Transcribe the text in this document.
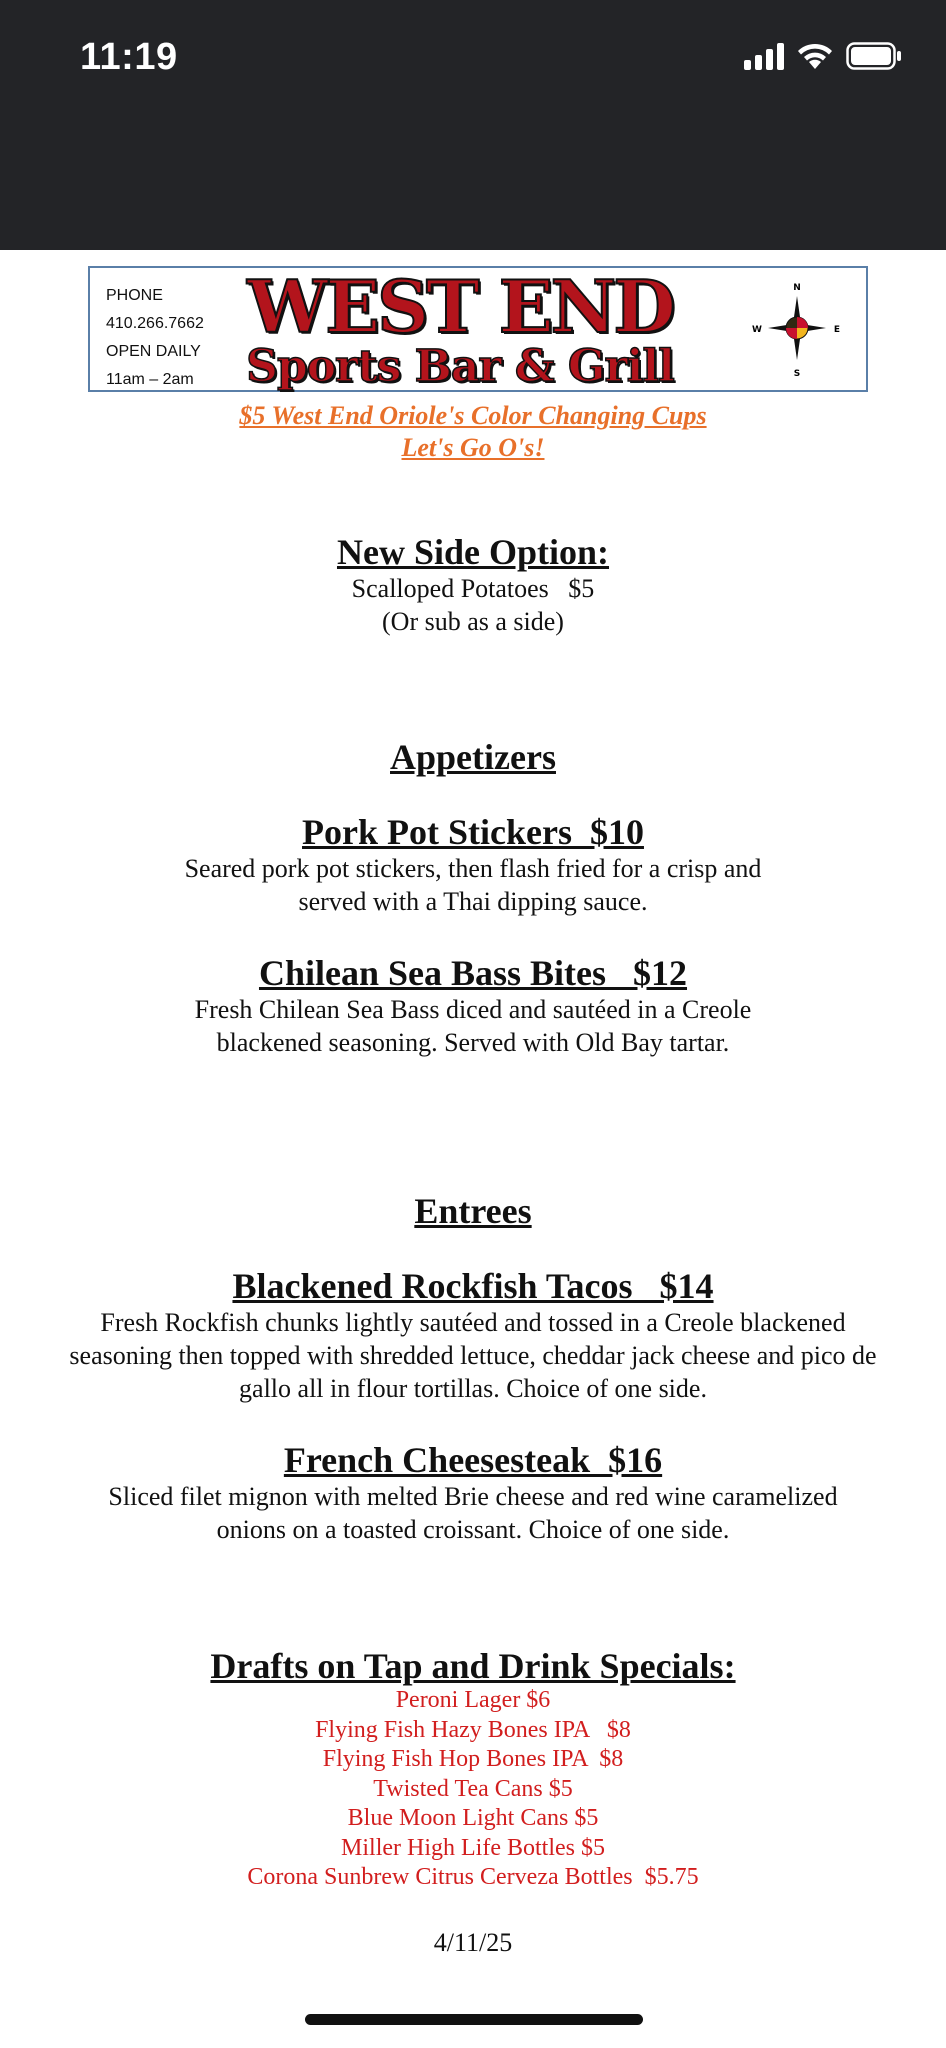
11:19
PHONE
410.266.7662
OPEN DAILY
11am – 2am
WEST END
Sports Bar & Grill
N
S
W	E
$5 West End Oriole's Color Changing Cups
Let's Go O's!
New Side Option:
Scalloped Potatoes   $5
(Or sub as a side)
Appetizers
Pork Pot Stickers  $10
Seared pork pot stickers, then flash fried for a crisp and
served with a Thai dipping sauce.
Chilean Sea Bass Bites   $12
Fresh Chilean Sea Bass diced and sautéed in a Creole
blackened seasoning. Served with Old Bay tartar.
Entrees
Blackened Rockfish Tacos   $14
Fresh Rockfish chunks lightly sautéed and tossed in a Creole blackened
seasoning then topped with shredded lettuce, cheddar jack cheese and pico de
gallo all in flour tortillas. Choice of one side.
French Cheesesteak  $16
Sliced filet mignon with melted Brie cheese and red wine caramelized
onions on a toasted croissant. Choice of one side.
Drafts on Tap and Drink Specials:
Peroni Lager $6
Flying Fish Hazy Bones IPA   $8
Flying Fish Hop Bones IPA  $8
Twisted Tea Cans $5
Blue Moon Light Cans $5
Miller High Life Bottles $5
Corona Sunbrew Citrus Cerveza Bottles  $5.75
4/11/25
